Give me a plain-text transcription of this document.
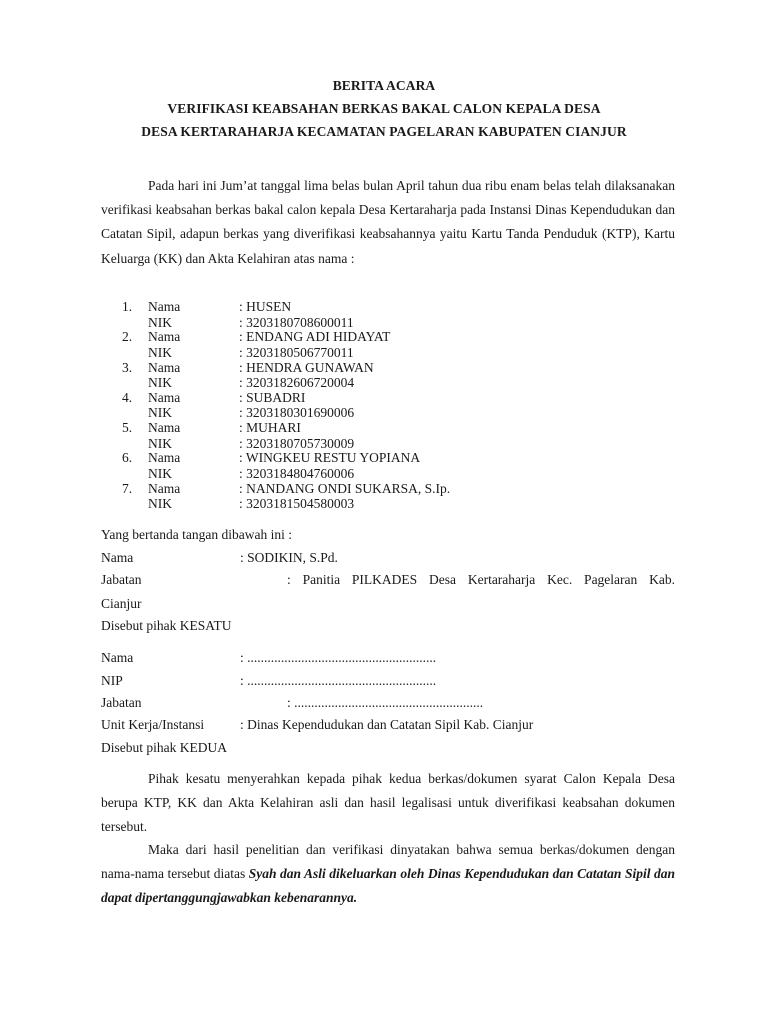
BERITA ACARA

VERIFIKASI KEABSAHAN BERKAS BAKAL CALON KEPALA DESA

DESA KERTARAHARJA KECAMATAN PAGELARAN KABUPATEN CIANJUR

Pada hari ini Jum’at tanggal lima belas bulan April tahun dua ribu enam belas telah dilaksanakan verifikasi keabsahan berkas bakal calon kepala Desa Kertaraharja pada Instansi Dinas Kependudukan dan Catatan Sipil, adapun berkas yang diverifikasi keabsahannya yaitu Kartu Tanda Penduduk (KTP), Kartu Keluarga (KK) dan Akta Kelahiran atas nama :

1. Nama	: HUSEN
NIK	: 3203180708600011
2. Nama	: ENDANG ADI HIDAYAT
NIK	: 3203180506770011
3. Nama	: HENDRA GUNAWAN
NIK	: 3203182606720004
4. Nama	: SUBADRI
NIK	: 3203180301690006
5. Nama	: MUHARI
NIK	: 3203180705730009
6. Nama	: WINGKEU RESTU YOPIANA
NIK	: 3203184804760006
7. Nama	: NANDANG ONDI SUKARSA, S.Ip.
NIK	: 3203181504580003

Yang bertanda tangan dibawah ini :

Nama	: SODIKIN, S.Pd.
Jabatan	: Panitia PILKADES Desa Kertaraharja Kec. Pagelaran Kab.
Cianjur

Disebut pihak KESATU

Nama	: ........................................................
NIP	: ........................................................
Jabatan	: ........................................................
Unit Kerja/Instansi	: Dinas Kependudukan dan Catatan Sipil Kab. Cianjur

Disebut pihak KEDUA

Pihak kesatu menyerahkan kepada pihak kedua berkas/dokumen syarat Calon Kepala Desa berupa KTP, KK dan Akta Kelahiran asli dan hasil legalisasi untuk diverifikasi keabsahan dokumen tersebut.

Maka dari hasil penelitian dan verifikasi dinyatakan bahwa semua berkas/dokumen dengan nama-nama tersebut diatas Syah dan Asli dikeluarkan oleh Dinas Kependudukan dan Catatan Sipil dan dapat dipertanggungjawabkan kebenarannya.
